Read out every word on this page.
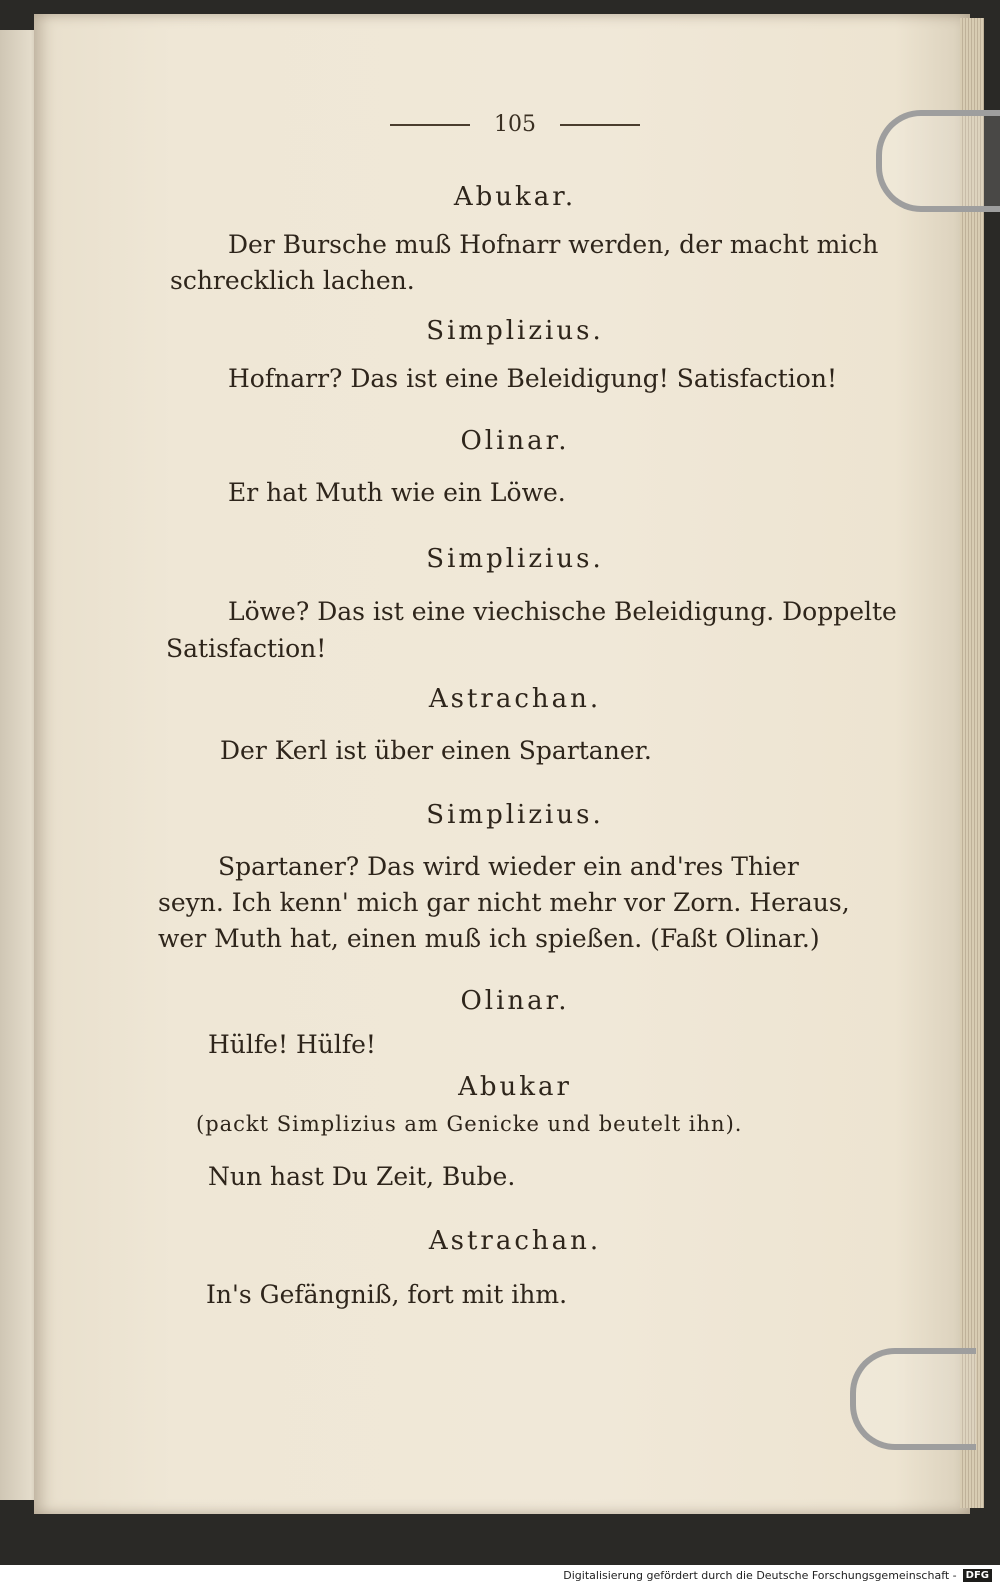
105
Abukar.
Der Bursche muß Hofnarr werden, der macht mich
schrecklich lachen.
Simplizius.
Hofnarr? Das ist eine Beleidigung! Satisfaction!
Olinar.
Er hat Muth wie ein Löwe.
Simplizius.
Löwe? Das ist eine viechische Beleidigung. Doppelte
Satisfaction!
Astrachan.
Der Kerl ist über einen Spartaner.
Simplizius.
Spartaner? Das wird wieder ein and'res Thier
seyn. Ich kenn' mich gar nicht mehr vor Zorn. Heraus,
wer Muth hat, einen muß ich spießen. (Faßt Olinar.)
Olinar.
Hülfe! Hülfe!
Abukar
(packt Simplizius am Genicke und beutelt ihn).
Nun hast Du Zeit, Bube.
Astrachan.
In's Gefängniß, fort mit ihm.
Digitalisierung gefördert durch die Deutsche Forschungsgemeinschaft - DFG
